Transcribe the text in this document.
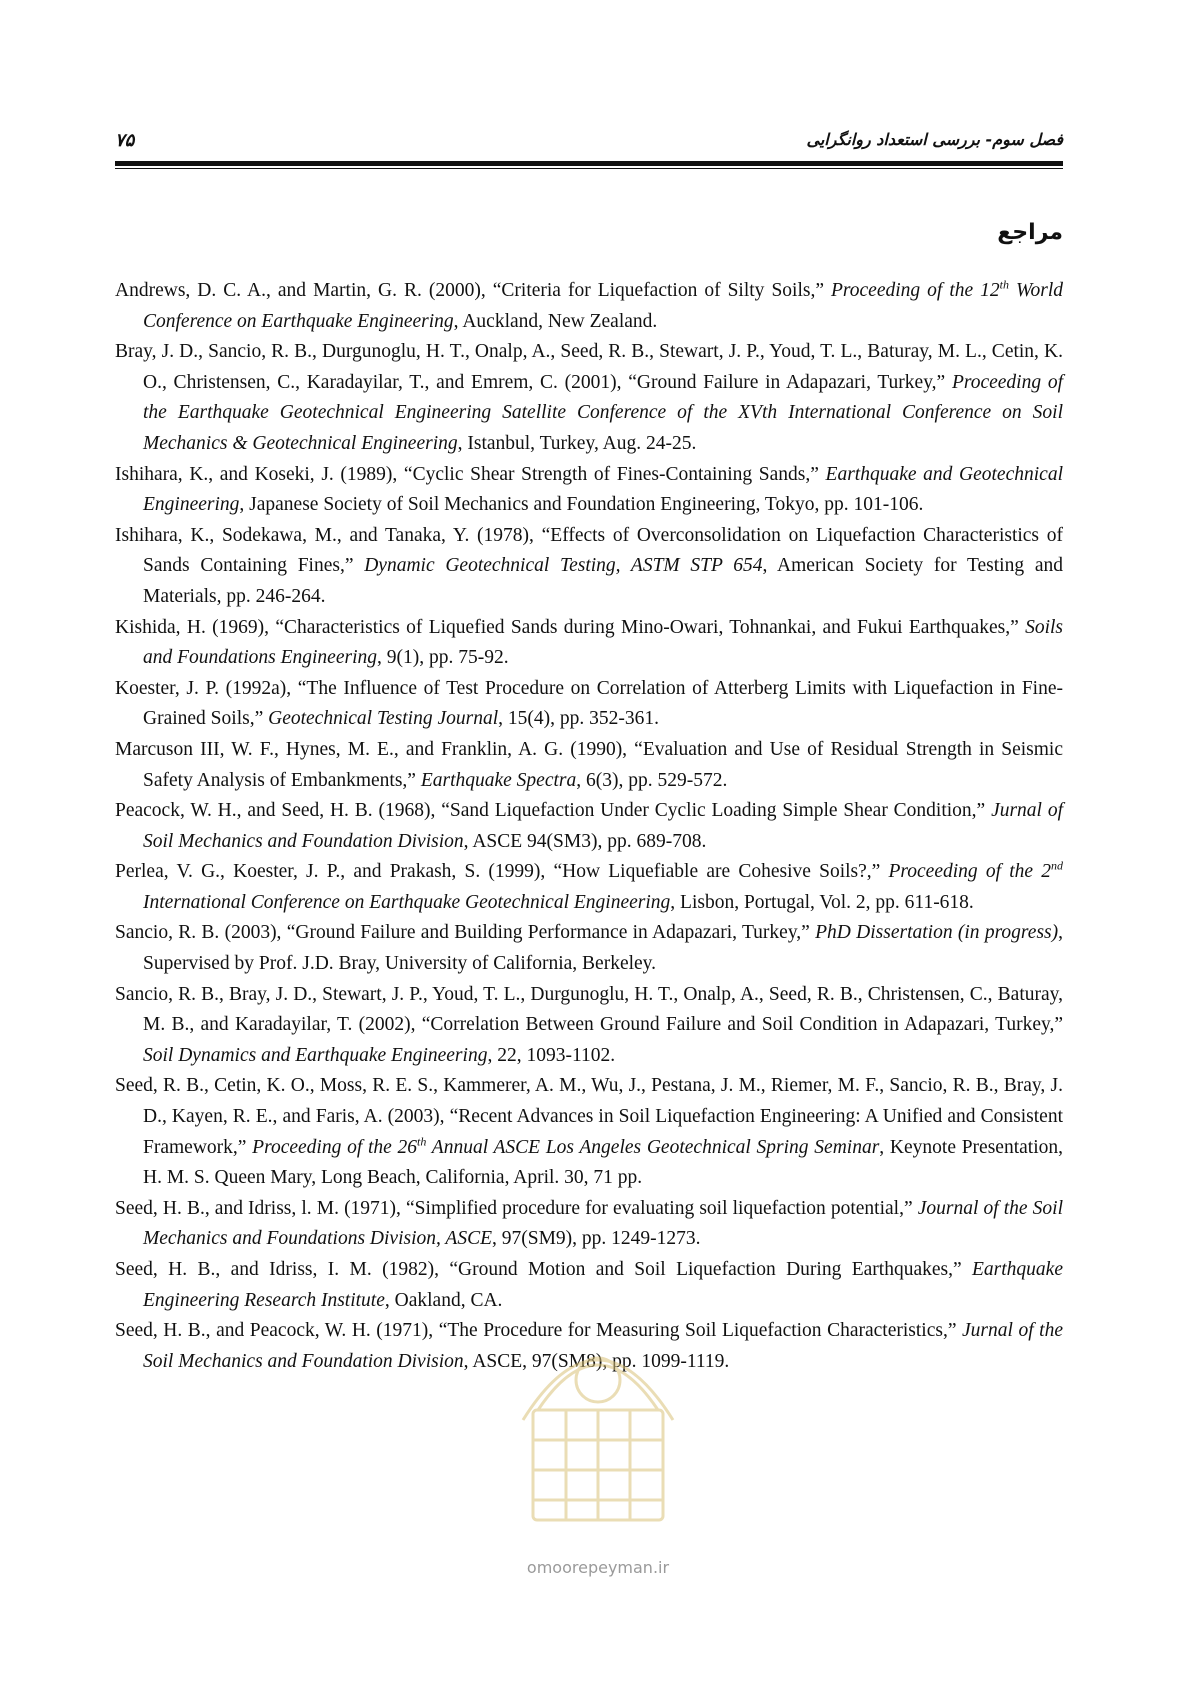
۷۵	فصل سوم- بررسی استعداد روانگرایی
مراجع

Andrews, D. C. A., and Martin, G. R. (2000), “Criteria for Liquefaction of Silty Soils,” Proceeding of the 12th World Conference on Earthquake Engineering, Auckland, New Zealand.

Bray, J. D., Sancio, R. B., Durgunoglu, H. T., Onalp, A., Seed, R. B., Stewart, J. P., Youd, T. L., Baturay, M. L., Cetin, K. O., Christensen, C., Karadayilar, T., and Emrem, C. (2001), “Ground Failure in Adapazari, Turkey,” Proceeding of the Earthquake Geotechnical Engineering Satellite Conference of the XVth International Conference on Soil Mechanics & Geotechnical Engineering, Istanbul, Turkey, Aug. 24-25.

Ishihara, K., and Koseki, J. (1989), “Cyclic Shear Strength of Fines-Containing Sands,” Earthquake and Geotechnical Engineering, Japanese Society of Soil Mechanics and Foundation Engineering, Tokyo, pp. 101-106.

Ishihara, K., Sodekawa, M., and Tanaka, Y. (1978), “Effects of Overconsolidation on Liquefaction Characteristics of Sands Containing Fines,” Dynamic Geotechnical Testing, ASTM STP 654, American Society for Testing and Materials, pp. 246-264.

Kishida, H. (1969), “Characteristics of Liquefied Sands during Mino-Owari, Tohnankai, and Fukui Earthquakes,” Soils and Foundations Engineering, 9(1), pp. 75-92.

Koester, J. P. (1992a), “The Influence of Test Procedure on Correlation of Atterberg Limits with Liquefaction in Fine-Grained Soils,” Geotechnical Testing Journal, 15(4), pp. 352-361.

Marcuson III, W. F., Hynes, M. E., and Franklin, A. G. (1990), “Evaluation and Use of Residual Strength in Seismic Safety Analysis of Embankments,” Earthquake Spectra, 6(3), pp. 529-572.

Peacock, W. H., and Seed, H. B. (1968), “Sand Liquefaction Under Cyclic Loading Simple Shear Condition,” Jurnal of Soil Mechanics and Foundation Division, ASCE 94(SM3), pp. 689-708.

Perlea, V. G., Koester, J. P., and Prakash, S. (1999), “How Liquefiable are Cohesive Soils?,” Proceeding of the 2nd International Conference on Earthquake Geotechnical Engineering, Lisbon, Portugal, Vol. 2, pp. 611-618.

Sancio, R. B. (2003), “Ground Failure and Building Performance in Adapazari, Turkey,” PhD Dissertation (in progress), Supervised by Prof. J.D. Bray, University of California, Berkeley.

Sancio, R. B., Bray, J. D., Stewart, J. P., Youd, T. L., Durgunoglu, H. T., Onalp, A., Seed, R. B., Christensen, C., Baturay, M. B., and Karadayilar, T. (2002), “Correlation Between Ground Failure and Soil Condition in Adapazari, Turkey,” Soil Dynamics and Earthquake Engineering, 22, 1093-1102.

Seed, R. B., Cetin, K. O., Moss, R. E. S., Kammerer, A. M., Wu, J., Pestana, J. M., Riemer, M. F., Sancio, R. B., Bray, J. D., Kayen, R. E., and Faris, A. (2003), “Recent Advances in Soil Liquefaction Engineering: A Unified and Consistent Framework,” Proceeding of the 26th Annual ASCE Los Angeles Geotechnical Spring Seminar, Keynote Presentation, H. M. S. Queen Mary, Long Beach, California, April. 30, 71 pp.

Seed, H. B., and Idriss, l. M. (1971), “Simplified procedure for evaluating soil liquefaction potential,” Journal of the Soil Mechanics and Foundations Division, ASCE, 97(SM9), pp. 1249-1273.

Seed, H. B., and Idriss, I. M. (1982), “Ground Motion and Soil Liquefaction During Earthquakes,” Earthquake Engineering Research Institute, Oakland, CA.

Seed, H. B., and Peacock, W. H. (1971), “The Procedure for Measuring Soil Liquefaction Characteristics,” Jurnal of the Soil Mechanics and Foundation Division, ASCE, 97(SM8), pp. 1099-1119.

omoorepeyman.ir
